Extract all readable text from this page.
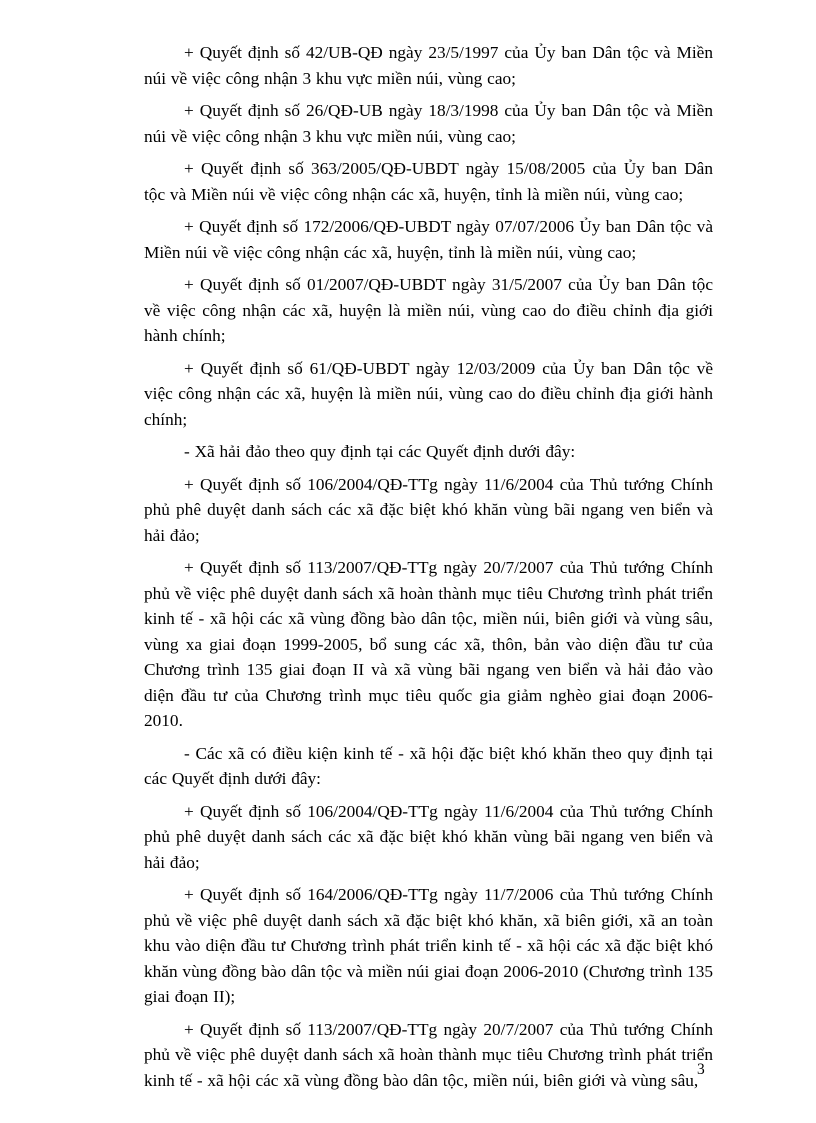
+ Quyết định số 42/UB-QĐ ngày 23/5/1997 của Ủy ban Dân tộc và Miền núi về việc công nhận 3 khu vực miền núi, vùng cao;

+ Quyết định số 26/QĐ-UB ngày 18/3/1998 của Ủy ban Dân tộc và Miền núi về việc công nhận 3 khu vực miền núi, vùng cao;

+ Quyết định số 363/2005/QĐ-UBDT ngày 15/08/2005 của Ủy ban Dân tộc và Miền núi về việc công nhận các xã, huyện, tỉnh là miền núi, vùng cao;

+ Quyết định số 172/2006/QĐ-UBDT ngày 07/07/2006 Ủy ban Dân tộc và Miền núi về việc công nhận các xã, huyện, tỉnh là miền núi, vùng cao;

+ Quyết định số 01/2007/QĐ-UBDT ngày 31/5/2007 của Ủy ban Dân tộc về việc công nhận các xã, huyện là miền núi, vùng cao do điều chỉnh địa giới hành chính;

+ Quyết định số 61/QĐ-UBDT ngày 12/03/2009 của Ủy ban Dân tộc về việc công nhận các xã, huyện là miền núi, vùng cao do điều chỉnh địa giới hành chính;

- Xã hải đảo theo quy định tại các Quyết định dưới đây:

+ Quyết định số 106/2004/QĐ-TTg ngày 11/6/2004 của Thủ tướng Chính phủ phê duyệt danh sách các xã đặc biệt khó khăn vùng bãi ngang ven biển và hải đảo;

+ Quyết định số 113/2007/QĐ-TTg ngày 20/7/2007 của Thủ tướng Chính phủ về việc phê duyệt danh sách xã hoàn thành mục tiêu Chương trình phát triển kinh tế - xã hội các xã vùng đồng bào dân tộc, miền núi, biên giới và vùng sâu, vùng xa giai đoạn 1999-2005, bổ sung các xã, thôn, bản vào diện đầu tư của Chương trình 135 giai đoạn II và xã vùng bãi ngang ven biển và hải đảo vào diện đầu tư của Chương trình mục tiêu quốc gia giảm nghèo giai đoạn 2006-2010.

- Các xã có điều kiện kinh tế - xã hội đặc biệt khó khăn theo quy định tại các Quyết định dưới đây:

+ Quyết định số 106/2004/QĐ-TTg ngày 11/6/2004 của Thủ tướng Chính phủ phê duyệt danh sách các xã đặc biệt khó khăn vùng bãi ngang ven biển và hải đảo;

+ Quyết định số 164/2006/QĐ-TTg ngày 11/7/2006 của Thủ tướng Chính phủ về việc phê duyệt danh sách xã đặc biệt khó khăn, xã biên giới, xã an toàn khu vào diện đầu tư Chương trình phát triển kinh tế - xã hội các xã đặc biệt khó khăn vùng đồng bào dân tộc và miền núi giai đoạn 2006-2010 (Chương trình 135 giai đoạn II);

+ Quyết định số 113/2007/QĐ-TTg ngày 20/7/2007 của Thủ tướng Chính phủ về việc phê duyệt danh sách xã hoàn thành mục tiêu Chương trình phát triển kinh tế - xã hội các xã vùng đồng bào dân tộc, miền núi, biên giới và vùng sâu,

3
